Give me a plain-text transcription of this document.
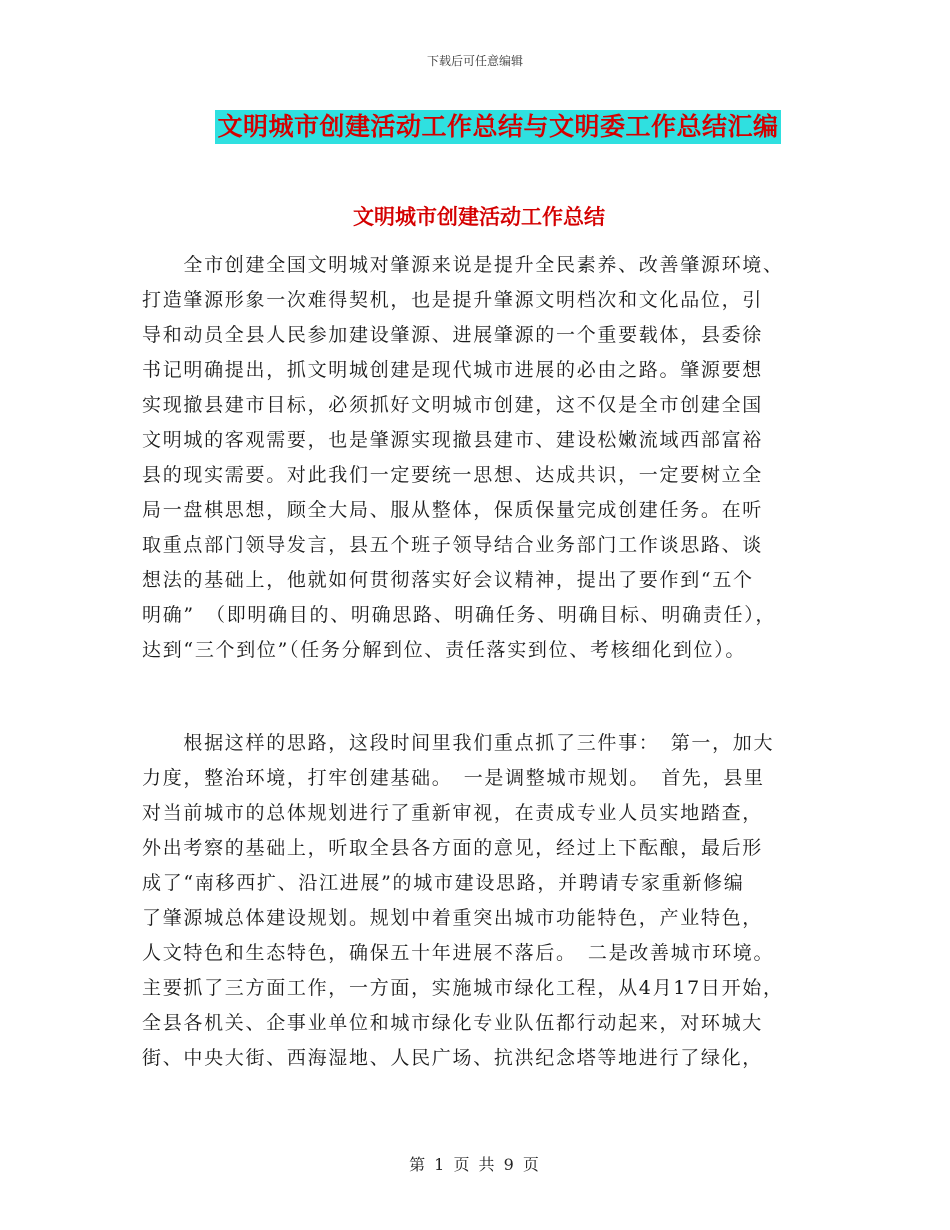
下载后可任意编辑
文明城市创建活动工作总结与文明委工作总结汇编
文明城市创建活动工作总结
　　全市创建全国文明城对肇源来说是提升全民素养、改善肇源环境、
打造肇源形象一次难得契机，也是提升肇源文明档次和文化品位，引
导和动员全县人民参加建设肇源、进展肇源的一个重要载体，县委徐
书记明确提出，抓文明城创建是现代城市进展的必由之路。肇源要想
实现撤县建市目标，必须抓好文明城市创建，这不仅是全市创建全国
文明城的客观需要，也是肇源实现撤县建市、建设松嫩流域西部富裕
县的现实需要。对此我们一定要统一思想、达成共识，一定要树立全
局一盘棋思想，顾全大局、服从整体，保质保量完成创建任务。在听
取重点部门领导发言，县五个班子领导结合业务部门工作谈思路、谈
想法的基础上，他就如何贯彻落实好会议精神，提出了要作到“五个
明确”　（即明确目的、明确思路、明确任务、明确目标、明确责任），
达到“三个到位”（任务分解到位、责任落实到位、考核细化到位）。
　　根据这样的思路，这段时间里我们重点抓了三件事：　第一，加大
力度，整治环境，打牢创建基础。　一是调整城市规划。　首先，县里
对当前城市的总体规划进行了重新审视，在责成专业人员实地踏查，
外出考察的基础上，听取全县各方面的意见，经过上下酝酿，最后形
成了“南移西扩、沿江进展”的城市建设思路，并聘请专家重新修编
了肇源城总体建设规划。规划中着重突出城市功能特色，产业特色，
人文特色和生态特色，确保五十年进展不落后。　二是改善城市环境。
主要抓了三方面工作，一方面，实施城市绿化工程，从4月17日开始，
全县各机关、企事业单位和城市绿化专业队伍都行动起来，对环城大
街、中央大街、西海湿地、人民广场、抗洪纪念塔等地进行了绿化，
第 1 页 共 9 页
